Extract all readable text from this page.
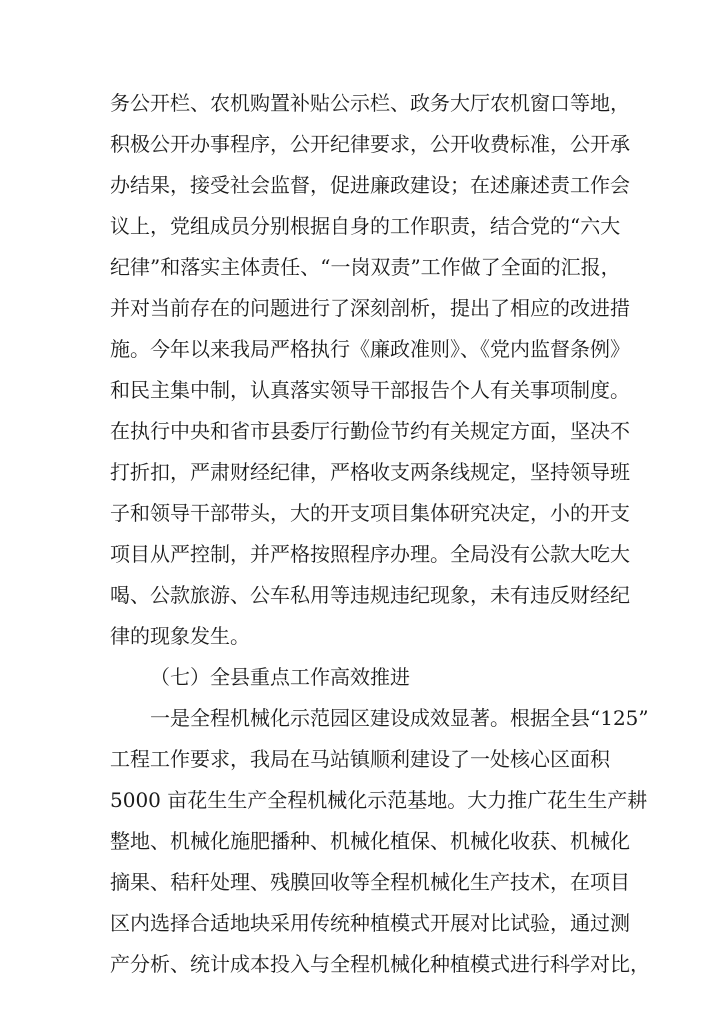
务公开栏、农机购置补贴公示栏、政务大厅农机窗口等地，
积极公开办事程序，公开纪律要求，公开收费标准，公开承
办结果，接受社会监督，促进廉政建设；在述廉述责工作会
议上，党组成员分别根据自身的工作职责，结合党的“六大
纪律”和落实主体责任、“一岗双责”工作做了全面的汇报，
并对当前存在的问题进行了深刻剖析，提出了相应的改进措
施。今年以来我局严格执行《廉政准则》、《党内监督条例》
和民主集中制，认真落实领导干部报告个人有关事项制度。
在执行中央和省市县委厅行勤俭节约有关规定方面，坚决不
打折扣，严肃财经纪律，严格收支两条线规定，坚持领导班
子和领导干部带头，大的开支项目集体研究决定，小的开支
项目从严控制，并严格按照程序办理。全局没有公款大吃大
喝、公款旅游、公车私用等违规违纪现象，未有违反财经纪
律的现象发生。
（七）全县重点工作高效推进
一是全程机械化示范园区建设成效显著。根据全县“125”
工程工作要求，我局在马站镇顺利建设了一处核心区面积
5000 亩花生生产全程机械化示范基地。大力推广花生生产耕
整地、机械化施肥播种、机械化植保、机械化收获、机械化
摘果、秸秆处理、残膜回收等全程机械化生产技术，在项目
区内选择合适地块采用传统种植模式开展对比试验，通过测
产分析、统计成本投入与全程机械化种植模式进行科学对比，
